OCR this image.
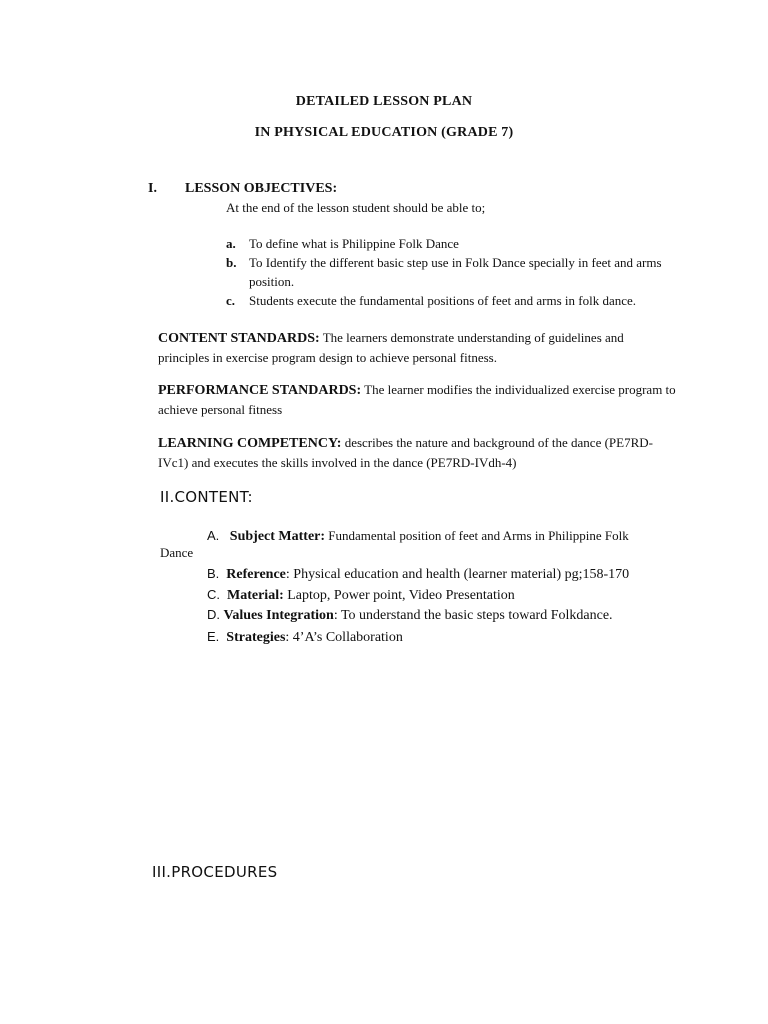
DETAILED LESSON PLAN
IN PHYSICAL EDUCATION (GRADE 7)
I. LESSON OBJECTIVES:
At the end of the lesson student should be able to;
a. To define what is Philippine Folk Dance
b. To Identify the different basic step use in Folk Dance specially in feet and arms position.
c. Students execute the fundamental positions of feet and arms in folk dance.
CONTENT STANDARDS: The learners demonstrate understanding of guidelines and principles in exercise program design to achieve personal fitness.
PERFORMANCE STANDARDS: The learner modifies the individualized exercise program to achieve personal fitness
LEARNING COMPETENCY: describes the nature and background of the dance (PE7RD-IVc1) and executes the skills involved in the dance (PE7RD-IVdh-4)
II.CONTENT:
A. Subject Matter: Fundamental position of feet and Arms in Philippine Folk
Dance
B. Reference: Physical education and health (learner material) pg;158-170
C. Material: Laptop, Power point, Video Presentation
D. Values Integration: To understand the basic steps toward Folkdance.
E. Strategies: 4’A’s Collaboration
III.PROCEDURES
